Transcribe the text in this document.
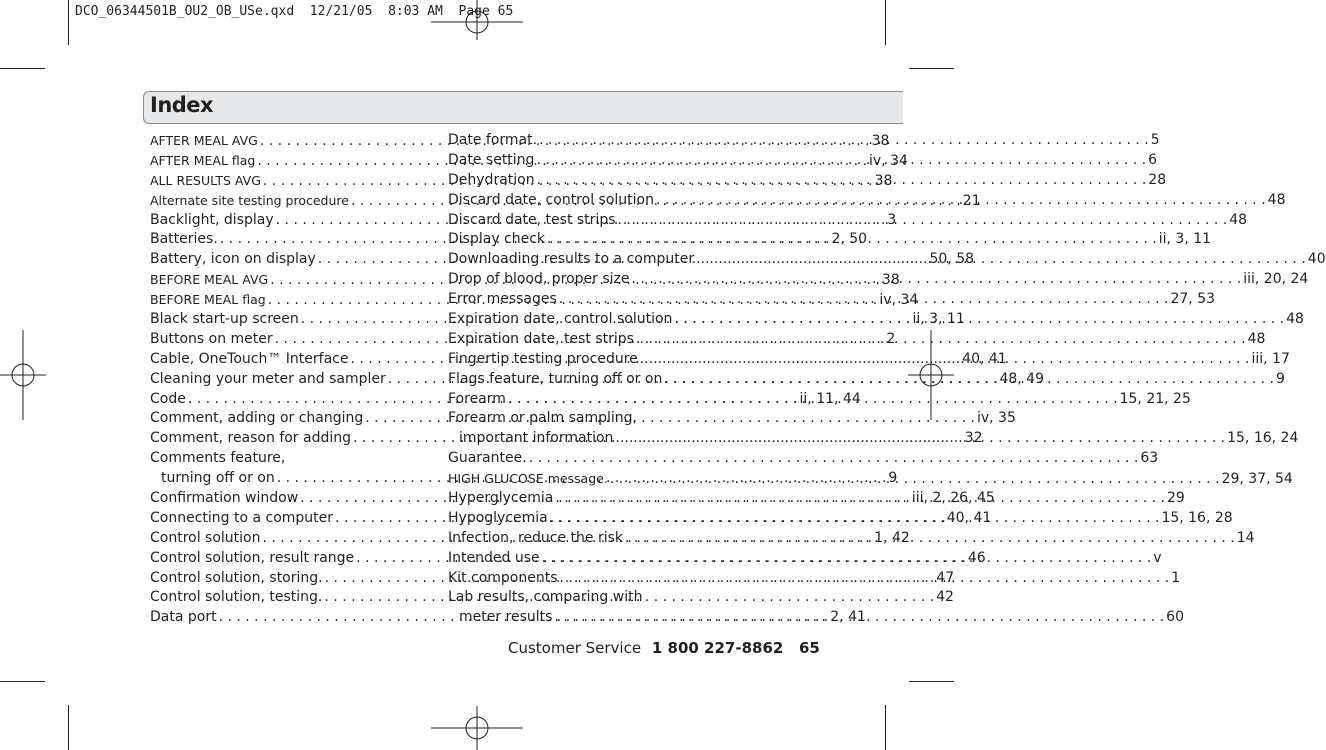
DCO_06344501B_OU2_OB_USe.qxd  12/21/05  8:03 AM  Page 65
Index
AFTER MEAL AVG . . .	38
AFTER MEAL flag . . .	iv, 34
ALL RESULTS AVG . . .	38
Alternate site testing procedure . . .	21
Backlight, display . . .	3
Batteries. . . .	2, 50
Battery, icon on display . . .	50, 58
BEFORE MEAL AVG . . .	38
BEFORE MEAL flag . . .	iv, 34
Black start-up screen . . .	ii, 3, 11
Buttons on meter . . .	2
Cable, OneTouch™ Interface . . .	40, 41
Cleaning your meter and sampler . . .	48, 49
Code . . .	ii, 11, 44
Comment, adding or changing . . .	iv, 35
Comment, reason for adding . . .	32
Comments feature,
turning off or on . . .	9
Confirmation window . . .	iii, 2, 26, 45
Connecting to a computer . . .	40, 41
Control solution . . .	1, 42
Control solution, result range . . .	46
Control solution, storing. . . .	47
Control solution, testing. . . .	42
Data port . . .	2, 41
Date format. . . .	5
Date setting . . .	6
Dehydration . . .	28
Discard date, control solution . . .	48
Discard date, test strips . . .	48
Display check . . .	ii, 3, 11
Downloading results to a computer . . .	40
Drop of blood, proper size . . .	iii, 20, 24
Error messages . . .	27, 53
Expiration date, control solution . . .	48
Expiration date, test strips . . .	48
Fingertip testing procedure . . .	iii, 17
Flags feature, turning off or on . . .	9
Forearm . . .	15, 21, 25
Forearm or palm sampling,
important information . . .	15, 16, 24
Guarantee. . . .	63
HIGH GLUCOSE message. . . .	29, 37, 54
Hyperglycemia . . .	29
Hypoglycemia . . .	15, 16, 28
Infection, reduce the risk . . .	14
Intended use . . .	v
Kit components . . .	1
Lab results, comparing with
meter results . . .	60
Customer Service 1 800 227-8862 65
